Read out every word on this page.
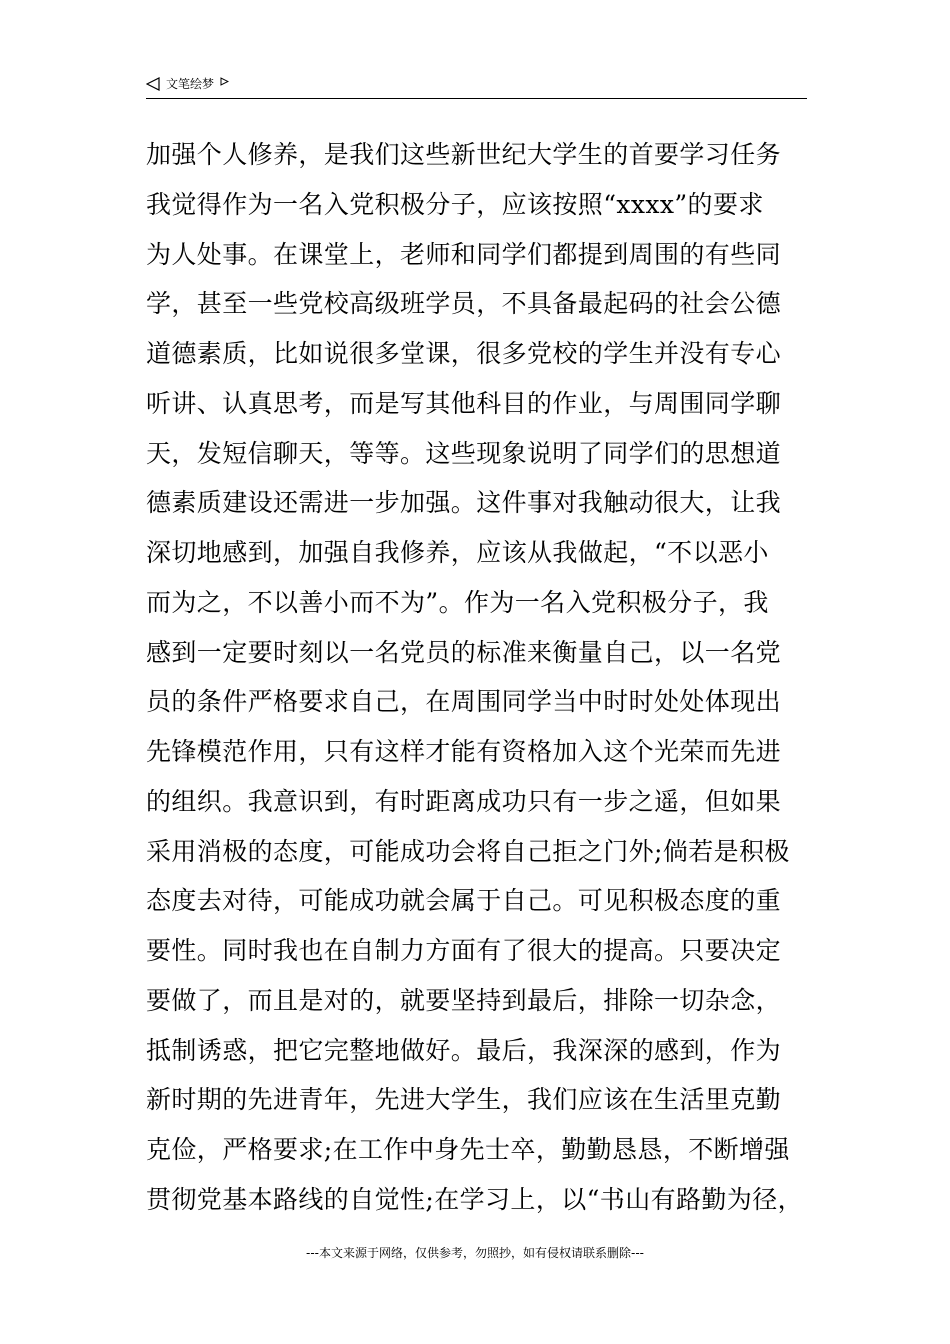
文笔绘梦
加强个人修养，是我们这些新世纪大学生的首要学习任务
我觉得作为一名入党积极分子，应该按照“xxxx”的要求
为人处事。在课堂上，老师和同学们都提到周围的有些同
学，甚至一些党校高级班学员，不具备最起码的社会公德
道德素质，比如说很多堂课，很多党校的学生并没有专心
听讲、认真思考，而是写其他科目的作业，与周围同学聊
天，发短信聊天，等等。这些现象说明了同学们的思想道
德素质建设还需进一步加强。这件事对我触动很大，让我
深切地感到，加强自我修养，应该从我做起，“不以恶小
而为之，不以善小而不为”。作为一名入党积极分子，我
感到一定要时刻以一名党员的标准来衡量自己，以一名党
员的条件严格要求自己，在周围同学当中时时处处体现出
先锋模范作用，只有这样才能有资格加入这个光荣而先进
的组织。我意识到，有时距离成功只有一步之遥，但如果
采用消极的态度，可能成功会将自己拒之门外;倘若是积极
态度去对待，可能成功就会属于自己。可见积极态度的重
要性。同时我也在自制力方面有了很大的提高。只要决定
要做了，而且是对的，就要坚持到最后，排除一切杂念，
抵制诱惑，把它完整地做好。最后，我深深的感到，作为
新时期的先进青年，先进大学生，我们应该在生活里克勤
克俭，严格要求;在工作中身先士卒，勤勤恳恳，不断增强
贯彻党基本路线的自觉性;在学习上，以“书山有路勤为径，
---本文来源于网络，仅供参考，勿照抄，如有侵权请联系删除---
